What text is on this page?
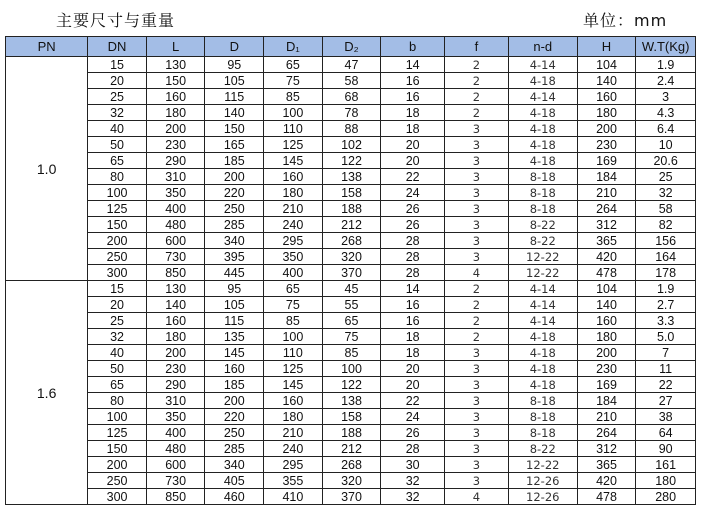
主要尺寸与重量	单位：mm
PN	DN	L	D	D₁	D₂	b	f	n-d	H	W.T(Kg)
1.0	15	130	95	65	47	14	2	4-14	104	1.9
	20	150	105	75	58	16	2	4-18	140	2.4
	25	160	115	85	68	16	2	4-14	160	3
	32	180	140	100	78	18	2	4-18	180	4.3
	40	200	150	110	88	18	3	4-18	200	6.4
	50	230	165	125	102	20	3	4-18	230	10
	65	290	185	145	122	20	3	4-18	169	20.6
	80	310	200	160	138	22	3	8-18	184	25
	100	350	220	180	158	24	3	8-18	210	32
	125	400	250	210	188	26	3	8-18	264	58
	150	480	285	240	212	26	3	8-22	312	82
	200	600	340	295	268	28	3	8-22	365	156
	250	730	395	350	320	28	3	12-22	420	164
	300	850	445	400	370	28	4	12-22	478	178
1.6	15	130	95	65	45	14	2	4-14	104	1.9
	20	140	105	75	55	16	2	4-14	140	2.7
	25	160	115	85	65	16	2	4-14	160	3.3
	32	180	135	100	75	18	2	4-18	180	5.0
	40	200	145	110	85	18	3	4-18	200	7
	50	230	160	125	100	20	3	4-18	230	11
	65	290	185	145	122	20	3	4-18	169	22
	80	310	200	160	138	22	3	8-18	184	27
	100	350	220	180	158	24	3	8-18	210	38
	125	400	250	210	188	26	3	8-18	264	64
	150	480	285	240	212	28	3	8-22	312	90
	200	600	340	295	268	30	3	12-22	365	161
	250	730	405	355	320	32	3	12-26	420	180
	300	850	460	410	370	32	4	12-26	478	280
